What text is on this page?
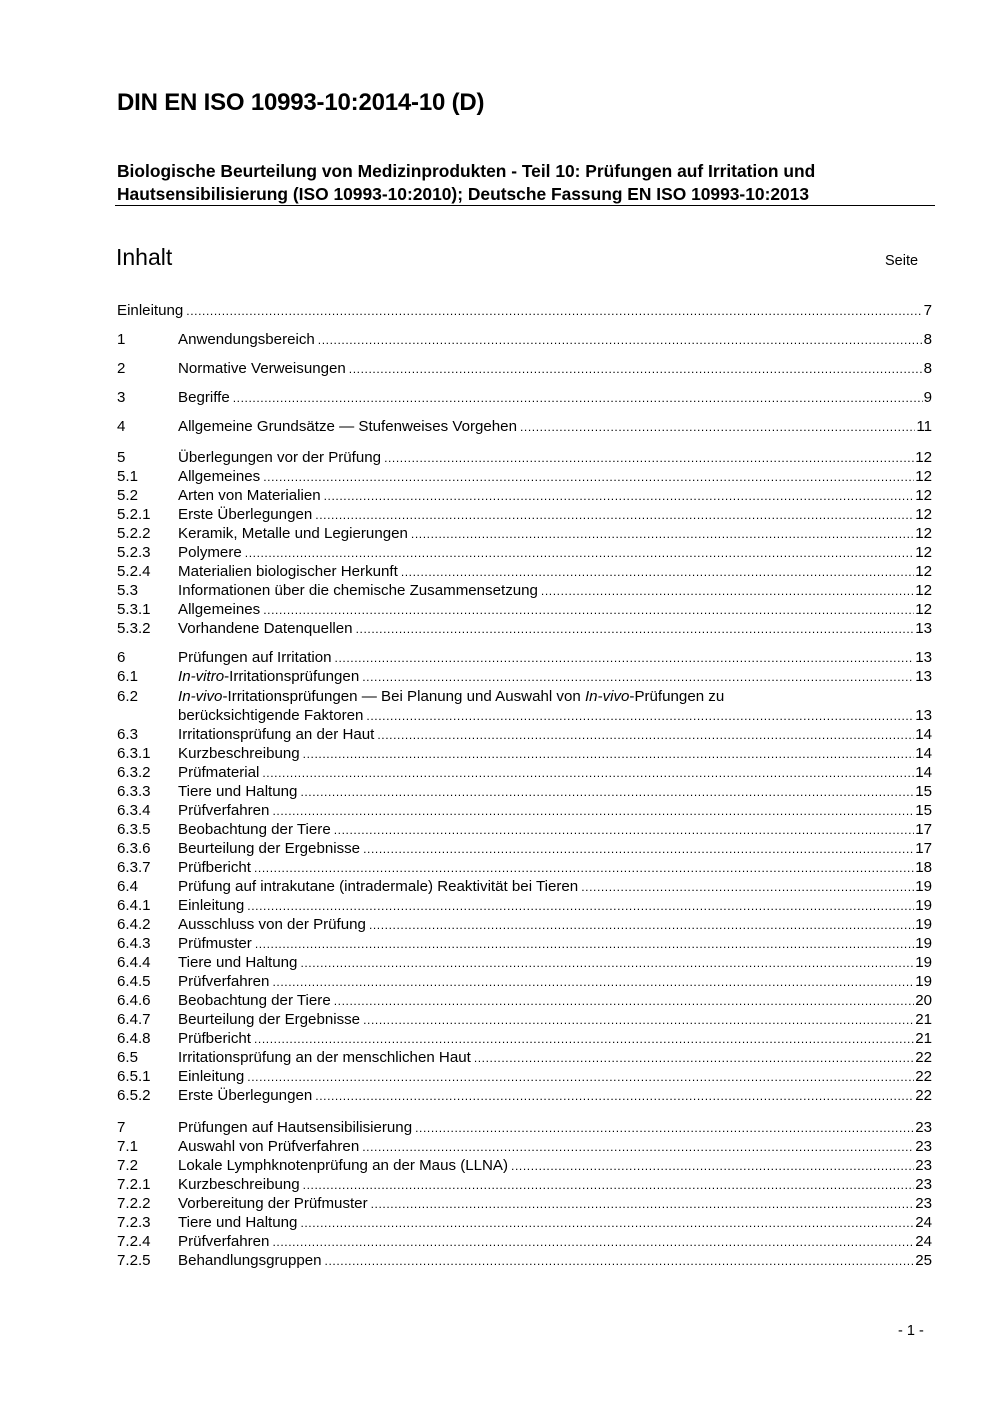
DIN EN ISO 10993-10:2014-10 (D)
Biologische Beurteilung von Medizinprodukten - Teil 10: Prüfungen auf Irritation und
Hautsensibilisierung (ISO 10993-10:2010); Deutsche Fassung EN ISO 10993-10:2013
Inhalt	Seite
Einleitung .....	7
1	Anwendungsbereich .....	8
2	Normative Verweisungen .....	8
3	Begriffe .....	9
4	Allgemeine Grundsätze — Stufenweises Vorgehen .....	11
5	Überlegungen vor der Prüfung .....	12
5.1	Allgemeines .....	12
5.2	Arten von Materialien .....	12
5.2.1 Erste Überlegungen .....	12
5.2.2 Keramik, Metalle und Legierungen .....	12
5.2.3 Polymere .....	12
5.2.4 Materialien biologischer Herkunft .....	12
5.3	Informationen über die chemische Zusammensetzung .....	12
5.3.1 Allgemeines .....	12
5.3.2 Vorhandene Datenquellen .....	13
6	Prüfungen auf Irritation .....	13
6.1	In-vitro-Irritationsprüfungen .....	13
6.2	In-vivo-Irritationsprüfungen — Bei Planung und Auswahl von In-vivo-Prüfungen zu
berücksichtigende Faktoren .....	13
6.3	Irritationsprüfung an der Haut .....	14
6.3.1 Kurzbeschreibung .....	14
6.3.2 Prüfmaterial .....	14
6.3.3 Tiere und Haltung .....	15
6.3.4 Prüfverfahren .....	15
6.3.5 Beobachtung der Tiere .....	17
6.3.6 Beurteilung der Ergebnisse .....	17
6.3.7 Prüfbericht .....	18
6.4	Prüfung auf intrakutane (intradermale) Reaktivität bei Tieren .....	19
6.4.1 Einleitung .....	19
6.4.2 Ausschluss von der Prüfung .....	19
6.4.3 Prüfmuster .....	19
6.4.4 Tiere und Haltung .....	19
6.4.5 Prüfverfahren .....	19
6.4.6 Beobachtung der Tiere .....	20
6.4.7 Beurteilung der Ergebnisse .....	21
6.4.8 Prüfbericht .....	21
6.5	Irritationsprüfung an der menschlichen Haut .....	22
6.5.1 Einleitung .....	22
6.5.2 Erste Überlegungen .....	22
7	Prüfungen auf Hautsensibilisierung .....	23
7.1	Auswahl von Prüfverfahren .....	23
7.2	Lokale Lymphknotenprüfung an der Maus (LLNA) .....	23
7.2.1 Kurzbeschreibung .....	23
7.2.2 Vorbereitung der Prüfmuster .....	23
7.2.3 Tiere und Haltung .....	24
7.2.4 Prüfverfahren .....	24
7.2.5 Behandlungsgruppen .....	25
- 1 -
